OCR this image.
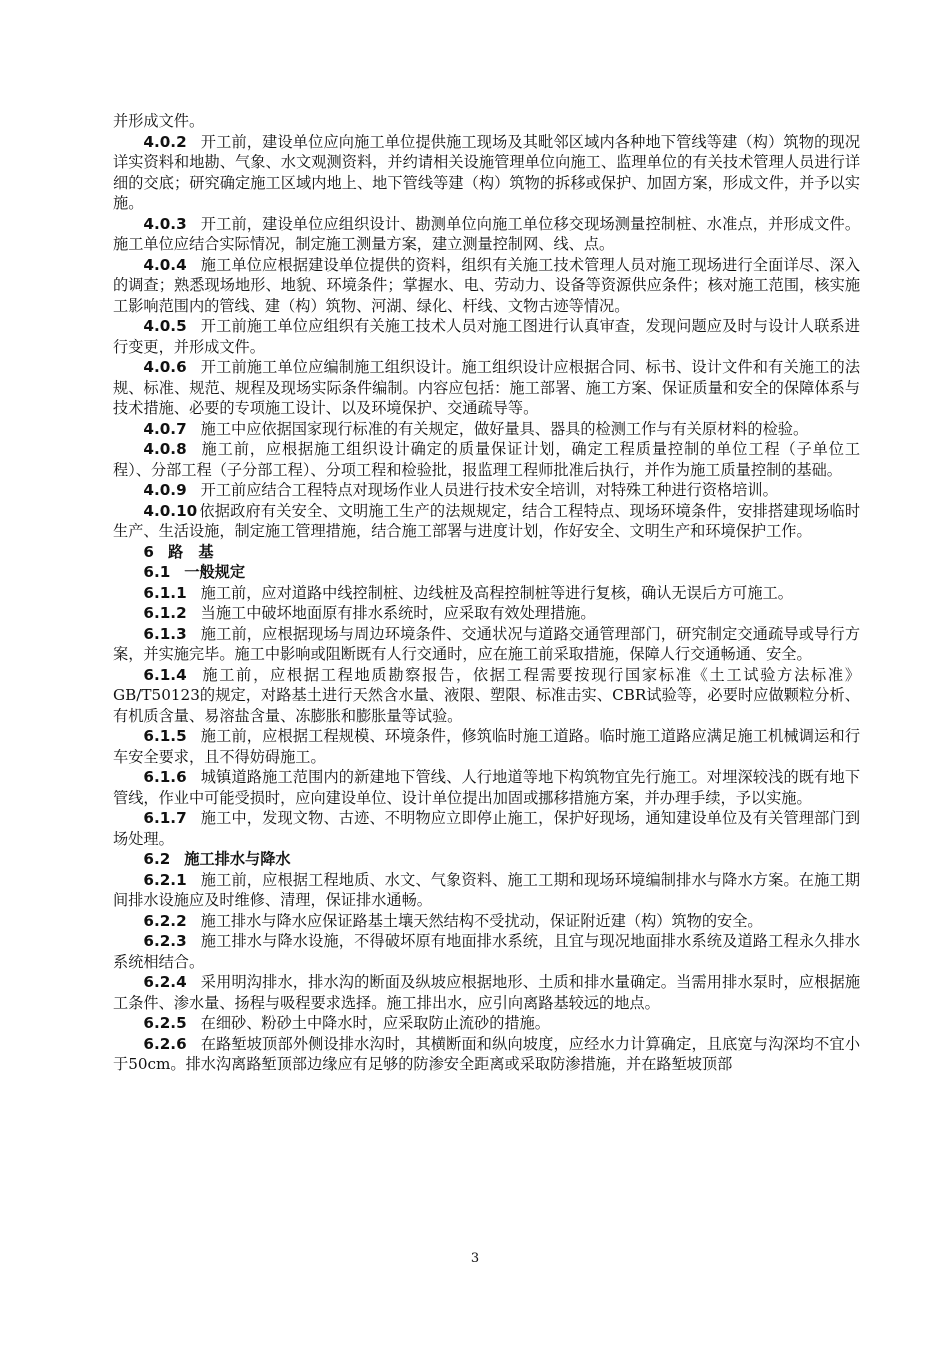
并形成文件。

4.0.2 开工前，建设单位应向施工单位提供施工现场及其毗邻区域内各种地下管线等建（构）筑物的现况详实资料和地勘、气象、水文观测资料，并约请相关设施管理单位向施工、监理单位的有关技术管理人员进行详细的交底；研究确定施工区域内地上、地下管线等建（构）筑物的拆移或保护、加固方案，形成文件，并予以实施。

4.0.3 开工前，建设单位应组织设计、勘测单位向施工单位移交现场测量控制桩、水准点，并形成文件。施工单位应结合实际情况，制定施工测量方案，建立测量控制网、线、点。

4.0.4 施工单位应根据建设单位提供的资料，组织有关施工技术管理人员对施工现场进行全面详尽、深入的调查；熟悉现场地形、地貌、环境条件；掌握水、电、劳动力、设备等资源供应条件；核对施工范围，核实施工影响范围内的管线、建（构）筑物、河湖、绿化、杆线、文物古迹等情况。

4.0.5 开工前施工单位应组织有关施工技术人员对施工图进行认真审查，发现问题应及时与设计人联系进行变更，并形成文件。

4.0.6 开工前施工单位应编制施工组织设计。施工组织设计应根据合同、标书、设计文件和有关施工的法规、标准、规范、规程及现场实际条件编制。内容应包括：施工部署、施工方案、保证质量和安全的保障体系与技术措施、必要的专项施工设计、以及环境保护、交通疏导等。

4.0.7 施工中应依据国家现行标准的有关规定，做好量具、器具的检测工作与有关原材料的检验。

4.0.8 施工前，应根据施工组织设计确定的质量保证计划，确定工程质量控制的单位工程（子单位工程）、分部工程（子分部工程）、分项工程和检验批，报监理工程师批准后执行，并作为施工质量控制的基础。

4.0.9 开工前应结合工程特点对现场作业人员进行技术安全培训，对特殊工种进行资格培训。

4.0.10 依据政府有关安全、文明施工生产的法规规定，结合工程特点、现场环境条件，安排搭建现场临时生产、生活设施，制定施工管理措施，结合施工部署与进度计划，作好安全、文明生产和环境保护工作。

6 路　基

6.1 一般规定

6.1.1 施工前，应对道路中线控制桩、边线桩及高程控制桩等进行复核，确认无误后方可施工。

6.1.2 当施工中破坏地面原有排水系统时，应采取有效处理措施。

6.1.3 施工前，应根据现场与周边环境条件、交通状况与道路交通管理部门，研究制定交通疏导或导行方案，并实施完毕。施工中影响或阻断既有人行交通时，应在施工前采取措施，保障人行交通畅通、安全。

6.1.4 施工前，应根据工程地质勘察报告，依据工程需要按现行国家标准《土工试验方法标准》GB/T50123的规定，对路基土进行天然含水量、液限、塑限、标准击实、CBR试验等，必要时应做颗粒分析、有机质含量、易溶盐含量、冻膨胀和膨胀量等试验。

6.1.5 施工前，应根据工程规模、环境条件，修筑临时施工道路。临时施工道路应满足施工机械调运和行车安全要求，且不得妨碍施工。

6.1.6 城镇道路施工范围内的新建地下管线、人行地道等地下构筑物宜先行施工。对埋深较浅的既有地下管线，作业中可能受损时，应向建设单位、设计单位提出加固或挪移措施方案，并办理手续，予以实施。

6.1.7 施工中，发现文物、古迹、不明物应立即停止施工，保护好现场，通知建设单位及有关管理部门到场处理。

6.2 施工排水与降水

6.2.1 施工前，应根据工程地质、水文、气象资料、施工工期和现场环境编制排水与降水方案。在施工期间排水设施应及时维修、清理，保证排水通畅。

6.2.2 施工排水与降水应保证路基土壤天然结构不受扰动，保证附近建（构）筑物的安全。

6.2.3 施工排水与降水设施，不得破坏原有地面排水系统，且宜与现况地面排水系统及道路工程永久排水系统相结合。

6.2.4 采用明沟排水，排水沟的断面及纵坡应根据地形、土质和排水量确定。当需用排水泵时，应根据施工条件、渗水量、扬程与吸程要求选择。施工排出水，应引向离路基较远的地点。

6.2.5 在细砂、粉砂土中降水时，应采取防止流砂的措施。

6.2.6 在路堑坡顶部外侧设排水沟时，其横断面和纵向坡度，应经水力计算确定，且底宽与沟深均不宜小于50cm。排水沟离路堑顶部边缘应有足够的防渗安全距离或采取防渗措施，并在路堑坡顶部

3
